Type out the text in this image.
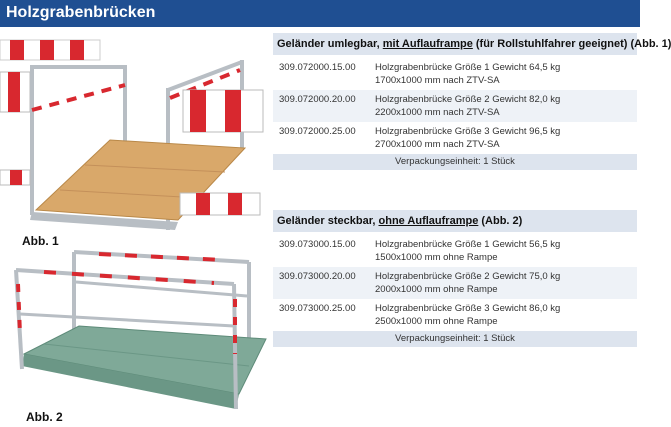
Holzgrabenbrücken
Abb. 1
Abb. 2
Geländer umlegbar, mit Auflauframpe (für Rollstuhlfahrer geeignet) (Abb. 1)
309.072000.15.00 Holzgrabenbrücke Größe 1 Gewicht 64,5 kg
1700x1000 mm nach ZTV-SA
309.072000.20.00 Holzgrabenbrücke Größe 2 Gewicht 82,0 kg
2200x1000 mm nach ZTV-SA
309.072000.25.00 Holzgrabenbrücke Größe 3 Gewicht 96,5 kg
2700x1000 mm nach ZTV-SA
Verpackungseinheit: 1 Stück
Geländer steckbar, ohne Auflauframpe (Abb. 2)
309.073000.15.00 Holzgrabenbrücke Größe 1 Gewicht 56,5 kg
1500x1000 mm ohne Rampe
309.073000.20.00 Holzgrabenbrücke Größe 2 Gewicht 75,0 kg
2000x1000 mm ohne Rampe
309.073000.25.00 Holzgrabenbrücke Größe 3 Gewicht 86,0 kg
2500x1000 mm ohne Rampe
Verpackungseinheit: 1 Stück
